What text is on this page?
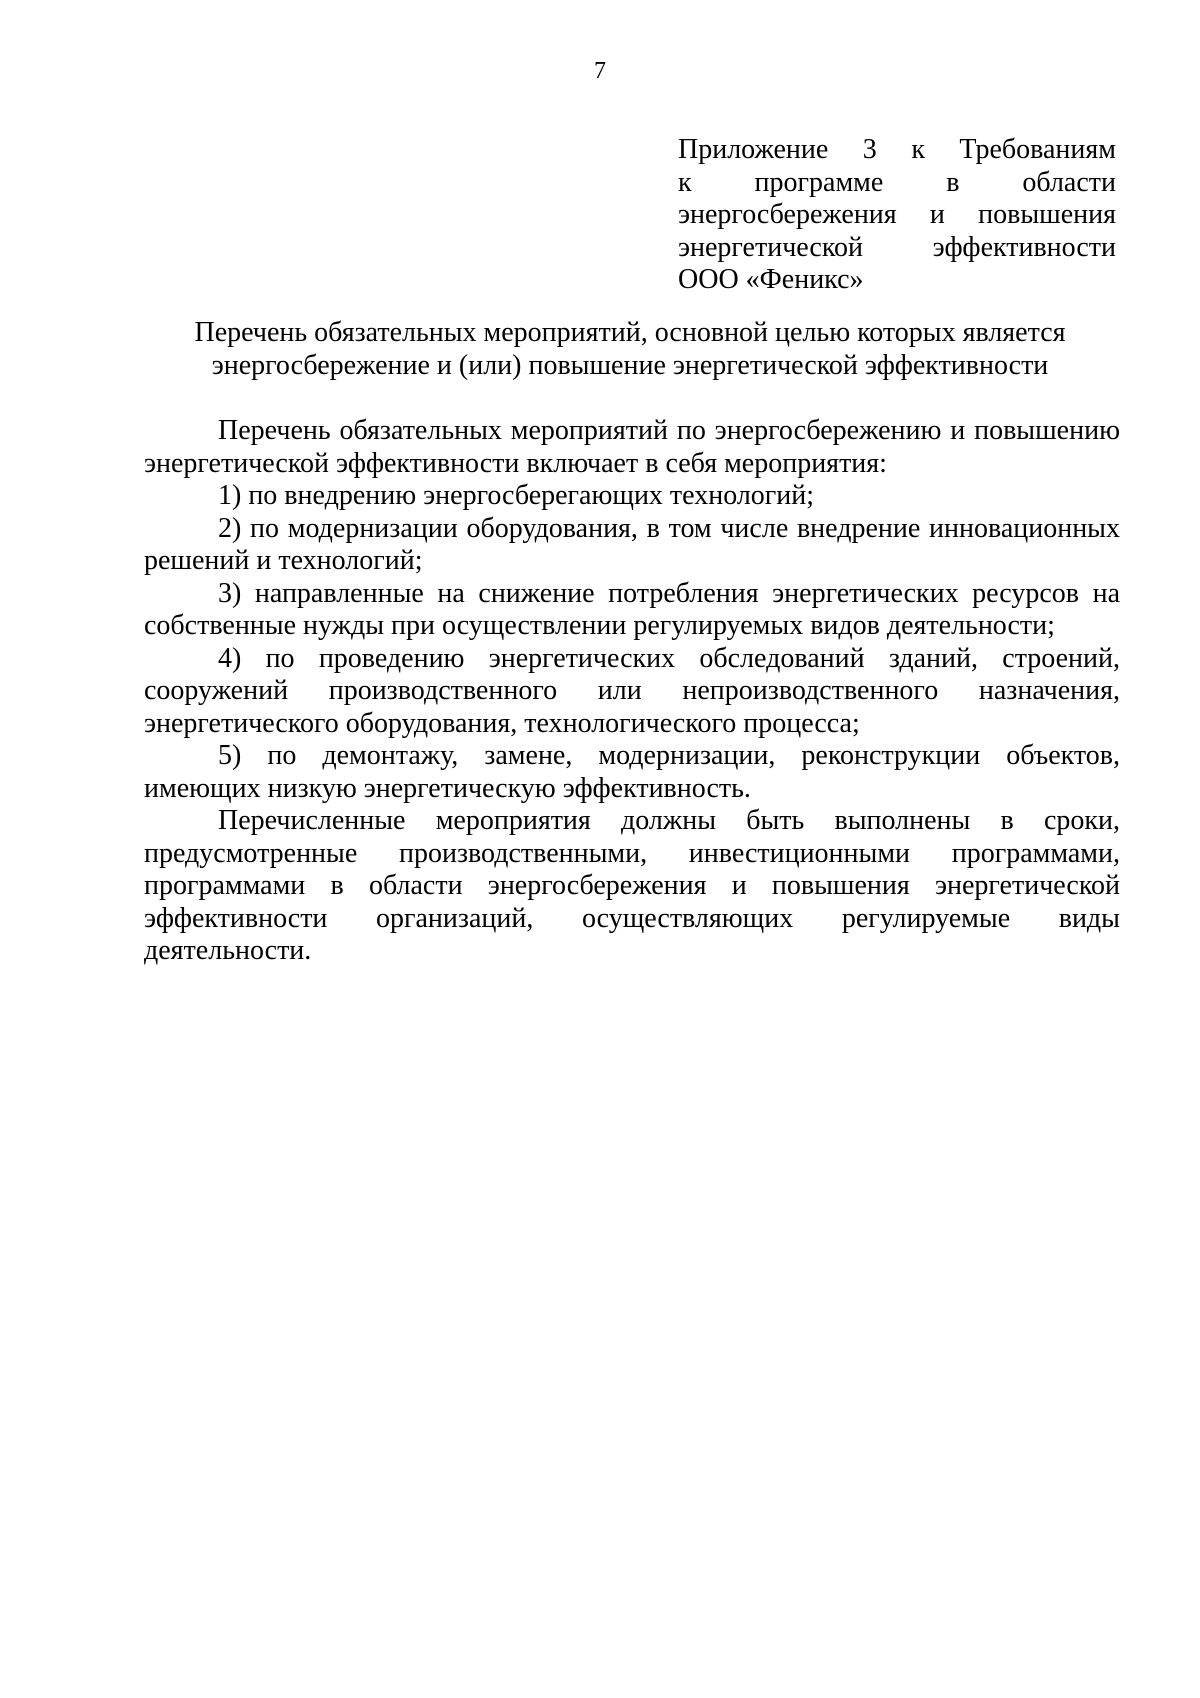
7
Приложение 3 к Требованиям
к программе в области
энергосбережения и повышения
энергетической эффективности
ООО «Феникс»
Перечень обязательных мероприятий, основной целью которых является
энергосбережение и (или) повышение энергетической эффективности

Перечень обязательных мероприятий по энергосбережению и повышению энергетической эффективности включает в себя мероприятия:

1) по внедрению энергосберегающих технологий;

2) по модернизации оборудования, в том числе внедрение инновационных решений и технологий;

3) направленные на снижение потребления энергетических ресурсов на собственные нужды при осуществлении регулируемых видов деятельности;

4) по проведению энергетических обследований зданий, строений, сооружений производственного или непроизводственного назначения, энергетического оборудования, технологического процесса;

5) по демонтажу, замене, модернизации, реконструкции объектов, имеющих низкую энергетическую эффективность.

Перечисленные мероприятия должны быть выполнены в сроки, предусмотренные производственными, инвестиционными программами, программами в области энергосбережения и повышения энергетической эффективности организаций, осуществляющих регулируемые виды деятельности.
